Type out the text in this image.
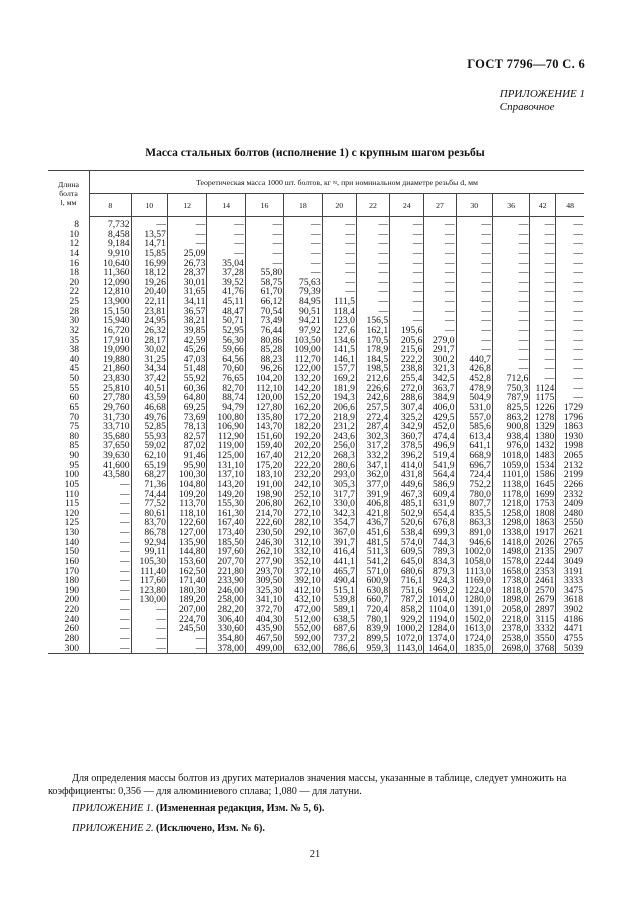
ГОСТ 7796—70 С. 6
ПРИЛОЖЕНИЕ 1
Справочное
Масса стальных болтов (исполнение 1) с крупным шагом резьбы
Длина
болта
l, мм	Теоретическая масса 1000 шт. болтов, кг ≈, при номинальном диаметре резьбы d, мм													
	8	10	12	14	16	18	20	22	24	27	30	36	42	48
8	7,732	—	—	—	—	—	—	—	—	—	—	—	—	—
10	8,458	13,57	—	—	—	—	—	—	—	—	—	—	—	—
12	9,184	14,71	—	—	—	—	—	—	—	—	—	—	—	—
14	9,910	15,85	25,09	—	—	—	—	—	—	—	—	—	—	—
16	10,640	16,99	26,73	35,04	—	—	—	—	—	—	—	—	—	—
18	11,360	18,12	28,37	37,28	55,80	—	—	—	—	—	—	—	—	—
20	12,090	19,26	30,01	39,52	58,75	75,63	—	—	—	—	—	—	—	—
22	12,810	20,40	31,65	41,76	61,70	79,39	—	—	—	—	—	—	—	—
25	13,900	22,11	34,11	45,11	66,12	84,95	111,5	—	—	—	—	—	—	—
28	15,150	23,81	36,57	48,47	70,54	90,51	118,4	—	—	—	—	—	—	—
30	15,940	24,95	38,21	50,71	73,49	94,21	123,0	156,5	—	—	—	—	—	—
32	16,720	26,32	39,85	52,95	76,44	97,92	127,6	162,1	195,6	—	—	—	—	—
35	17,910	28,17	42,59	56,30	80,86	103,50	134,6	170,5	205,6	279,0	—	—	—	—
38	19,090	30,02	45,26	59,66	85,28	109,00	141,5	178,9	215,6	291,7	—	—	—	—
40	19,880	31,25	47,03	64,56	88,23	112,70	146,1	184,5	222,2	300,2	440,7	—	—	—
45	21,860	34,34	51,48	70,60	96,26	122,00	157,7	198,5	238,8	321,3	426,8	—	—	—
50	23,830	37,42	55,92	76,65	104,20	132,20	169,2	212,6	255,4	342,5	452,8	712,6	—	—
55	25,810	40,51	60,36	82,70	112,10	142,20	181,9	226,6	272,0	363,7	478,9	750,3	1124	—
60	27,780	43,59	64,80	88,74	120,00	152,20	194,3	242,6	288,6	384,9	504,9	787,9	1175	—
65	29,760	46,68	69,25	94,79	127,80	162,20	206,6	257,5	307,4	406,0	531,0	825,5	1226	1729
70	31,730	49,76	73,69	100,80	135,80	172,20	218,9	272,4	325,2	429,5	557,0	863,2	1278	1796
75	33,710	52,85	78,13	106,90	143,70	182,20	231,2	287,4	342,9	452,0	585,6	900,8	1329	1863
80	35,680	55,93	82,57	112,90	151,60	192,20	243,6	302,3	360,7	474,4	613,4	938,4	1380	1930
85	37,650	59,02	87,02	119,00	159,40	202,20	256,0	317,2	378,5	496,9	641,1	976,0	1432	1998
90	39,630	62,10	91,46	125,00	167,40	212,20	268,3	332,2	396,2	519,4	668,9	1018,0	1483	2065
95	41,600	65,19	95,90	131,10	175,20	222,20	280,6	347,1	414,0	541,9	696,7	1059,0	1534	2132
100	43,580	68,27	100,30	137,10	183,10	232,20	293,0	362,0	431,8	564,4	724,4	1101,0	1586	2199
105	—	71,36	104,80	143,20	191,00	242,10	305,3	377,0	449,6	586,9	752,2	1138,0	1645	2266
110	—	74,44	109,20	149,20	198,90	252,10	317,7	391,9	467,3	609,4	780,0	1178,0	1699	2332
115	—	77,52	113,70	155,30	206,80	262,10	330,0	406,8	485,1	631,9	807,7	1218,0	1753	2409
120	—	80,61	118,10	161,30	214,70	272,10	342,3	421,8	502,9	654,4	835,5	1258,0	1808	2480
125	—	83,70	122,60	167,40	222,60	282,10	354,7	436,7	520,6	676,8	863,3	1298,0	1863	2550
130	—	86,78	127,00	173,40	230,50	292,10	367,0	451,6	538,4	699,3	891,0	1338,0	1917	2621
140	—	92,94	135,90	185,50	246,30	312,10	391,7	481,5	574,0	744,3	946,6	1418,0	2026	2765
150	—	99,11	144,80	197,60	262,10	332,10	416,4	511,3	609,5	789,3	1002,0	1498,0	2135	2907
160	—	105,30	153,60	207,70	277,90	352,10	441,1	541,2	645,0	834,3	1058,0	1578,0	2244	3049
170	—	111,40	162,50	221,80	293,70	372,10	465,7	571,0	680,6	879,3	1113,0	1658,0	2353	3191
180	—	117,60	171,40	233,90	309,50	392,10	490,4	600,9	716,1	924,3	1169,0	1738,0	2461	3333
190	—	123,80	180,30	246,00	325,30	412,10	515,1	630,8	751,6	969,2	1224,0	1818,0	2570	3475
200	—	130,00	189,20	258,00	341,10	432,10	539,8	660,7	787,2	1014,0	1280,0	1898,0	2679	3618
220	—	—	207,00	282,20	372,70	472,00	589,1	720,4	858,2	1104,0	1391,0	2058,0	2897	3902
240	—	—	224,70	306,40	404,30	512,00	638,5	780,1	929,2	1194,0	1502,0	2218,0	3115	4186
260	—	—	245,50	330,60	435,90	552,00	687,6	839,9	1000,2	1284,0	1613,0	2378,0	3332	4471
280	—	—	—	354,80	467,50	592,00	737,2	899,5	1072,0	1374,0	1724,0	2538,0	3550	4755
300	—	—	—	378,00	499,00	632,00	786,6	959,3	1143,0	1464,0	1835,0	2698,0	3768	5039
Для определения массы болтов из других материалов значения массы, указанные в таблице, следует умножить на коэффициенты: 0,356 — для алюминиевого сплава; 1,080 — для латуни.
ПРИЛОЖЕНИЕ 1. (Измененная редакция, Изм. № 5, 6).
ПРИЛОЖЕНИЕ 2. (Исключено, Изм. № 6).
21
